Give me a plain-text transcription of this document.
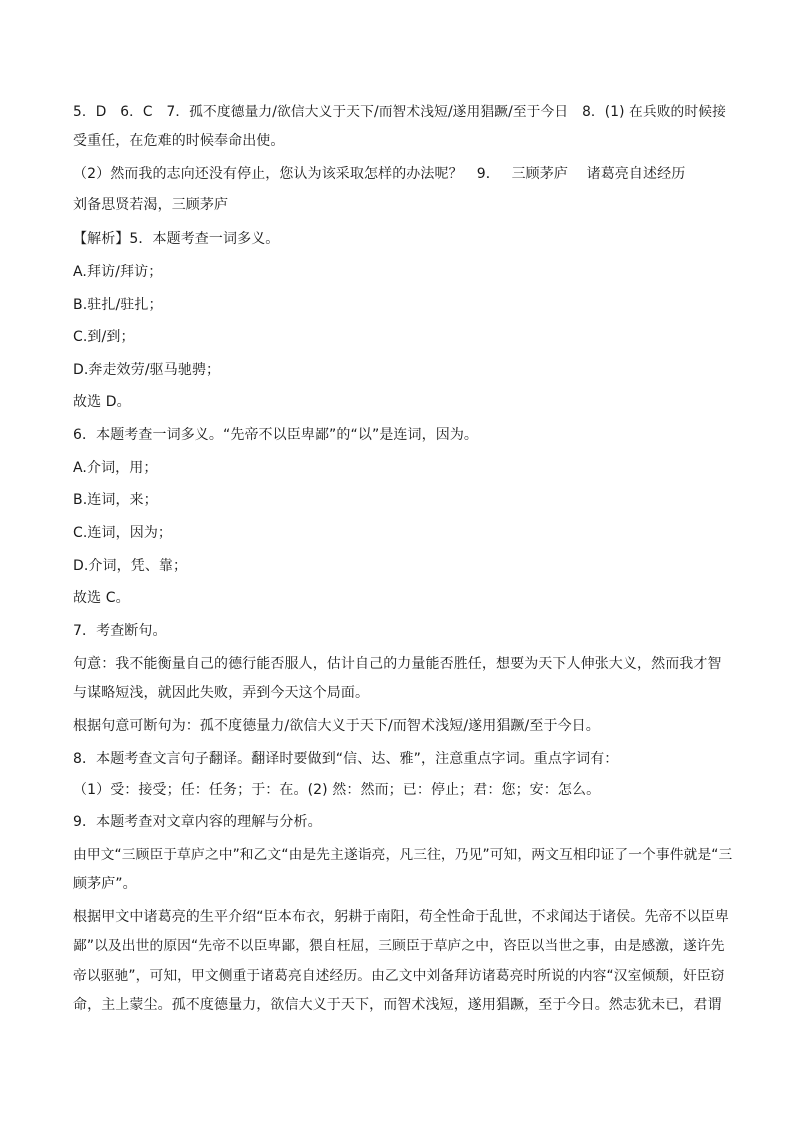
5．D　6．C　7．孤不度德量力/欲信大义于天下/而智术浅短/遂用猖蹶/至于今日　8．(1) 在兵败的时候接
受重任，在危难的时候奉命出使。
（2）然而我的志向还没有停止，您认为该采取怎样的办法呢？　9．　 三顾茅庐　 诸葛亮自述经历
刘备思贤若渴，三顾茅庐
【解析】5．本题考查一词多义。
A.拜访/拜访；
B.驻扎/驻扎；
C.到/到；
D.奔走效劳/驱马驰骋；
故选 D。
6．本题考查一词多义。“先帝不以臣卑鄙”的“以”是连词，因为。
A.介词，用；
B.连词，来；
C.连词，因为；
D.介词，凭、靠；
故选 C。
7．考查断句。
句意：我不能衡量自己的德行能否服人，估计自己的力量能否胜任，想要为天下人伸张大义，然而我才智
与谋略短浅，就因此失败，弄到今天这个局面。
根据句意可断句为：孤不度德量力/欲信大义于天下/而智术浅短/遂用猖蹶/至于今日。
8．本题考查文言句子翻译。翻译时要做到“信、达、雅”，注意重点字词。重点字词有：
（1）受：接受；任：任务；于：在。(2) 然：然而；已：停止；君：您；安：怎么。
9．本题考查对文章内容的理解与分析。
由甲文“三顾臣于草庐之中”和乙文“由是先主遂诣亮，凡三往，乃见”可知，两文互相印证了一个事件就是“三
顾茅庐”。
根据甲文中诸葛亮的生平介绍“臣本布衣，躬耕于南阳，苟全性命于乱世，不求闻达于诸侯。先帝不以臣卑
鄙”以及出世的原因“先帝不以臣卑鄙，猥自枉屈，三顾臣于草庐之中，咨臣以当世之事，由是感激，遂许先
帝以驱驰”，可知，甲文侧重于诸葛亮自述经历。由乙文中刘备拜访诸葛亮时所说的内容“汉室倾颓，奸臣窃
命，主上蒙尘。孤不度德量力，欲信大义于天下，而智术浅短，遂用猖蹶，至于今日。然志犹未已，君谓
